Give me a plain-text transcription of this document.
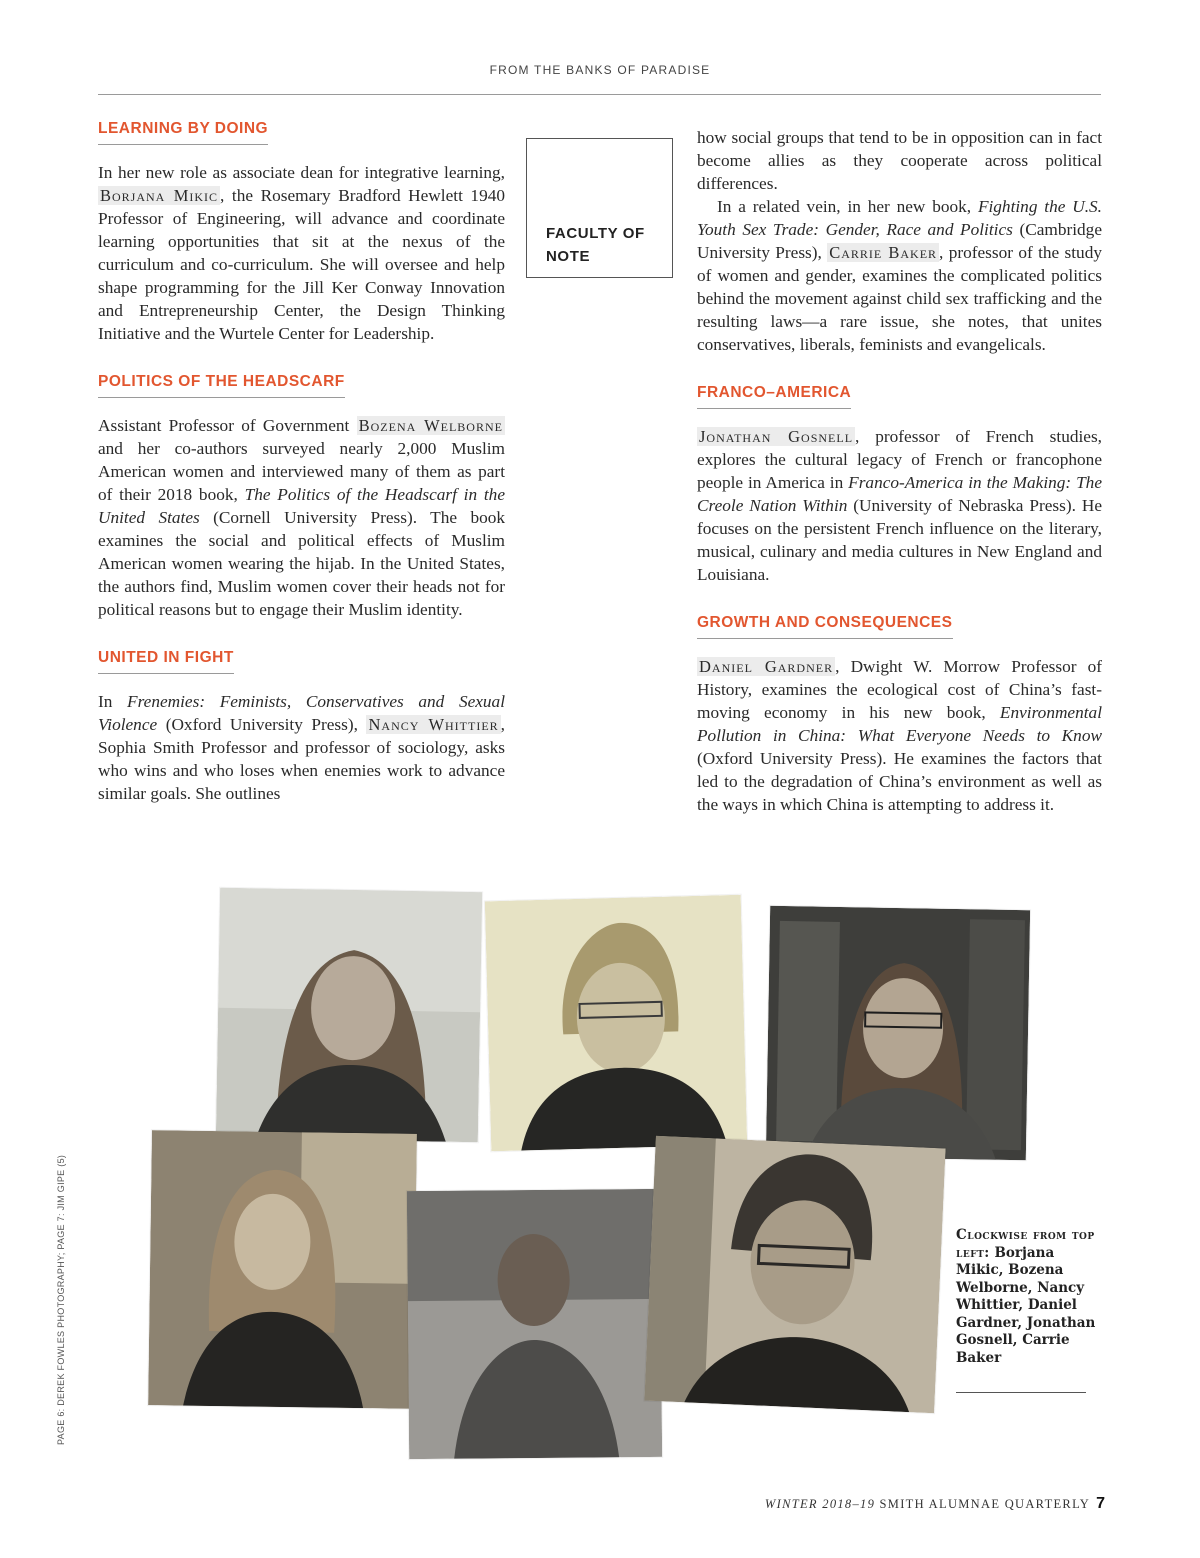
FROM THE BANKS OF PARADISE
LEARNING BY DOING

In her new role as associate dean for integrative learning, Borjana Mikic , the Rosemary Bradford Hewlett 1940 Professor of Engineering, will advance and coordinate learning opportunities that sit at the nexus of the curriculum and co-curriculum. She will oversee and help shape programming for the Jill Ker Conway Innovation and Entrepreneurship Center, the Design Thinking Initiative and the Wurtele Center for Leadership.

POLITICS OF THE HEADSCARF

Assistant Professor of Government Bozena Welborne and her co-authors surveyed nearly 2,000 Muslim American women and interviewed many of them as part of their 2018 book, The Politics of the Headscarf in the United States (Cornell University Press). The book examines the social and political effects of Muslim American women wearing the hijab. In the United States, the authors find, Muslim women cover their heads not for political reasons but to engage their Muslim identity.

UNITED IN FIGHT

In Frenemies: Feminists, Conservatives and Sexual Violence (Oxford University Press), Nancy Whittier , Sophia Smith Professor and professor of sociology, asks who wins and who loses when enemies work to advance similar goals. She outlines

FACULTY OF NOTE

how social groups that tend to be in opposition can in fact become allies as they cooperate across political differences.

In a related vein, in her new book, Fighting the U.S. Youth Sex Trade: Gender, Race and Politics (Cambridge University Press), Carrie Baker , professor of the study of women and gender, examines the complicated politics behind the movement against child sex trafficking and the resulting laws—a rare issue, she notes, that unites conservatives, liberals, feminists and evangelicals.

FRANCO–AMERICA

Jonathan Gosnell , professor of French studies, explores the cultural legacy of French or francophone people in America in Franco-America in the Making: The Creole Nation Within (University of Nebraska Press). He focuses on the persistent French influence on the literary, musical, culinary and media cultures in New England and Louisiana.

GROWTH AND CONSEQUENCES

Daniel Gardner , Dwight W. Morrow Professor of History, examines the ecological cost of China’s fast-moving economy in his new book, Environmental Pollution in China: What Everyone Needs to Know (Oxford University Press). He examines the factors that led to the degradation of China’s environment as well as the ways in which China is attempting to address it.

Clockwise from top left: Borjana Mikic, Bozena Welborne, Nancy Whittier, Daniel Gardner, Jonathan Gosnell, Carrie Baker
PAGE 6: DEREK FOWLES PHOTOGRAPHY; PAGE 7: JIM GIPE (5)
WINTER 2018–19 SMITH ALUMNAE QUARTERLY 7
